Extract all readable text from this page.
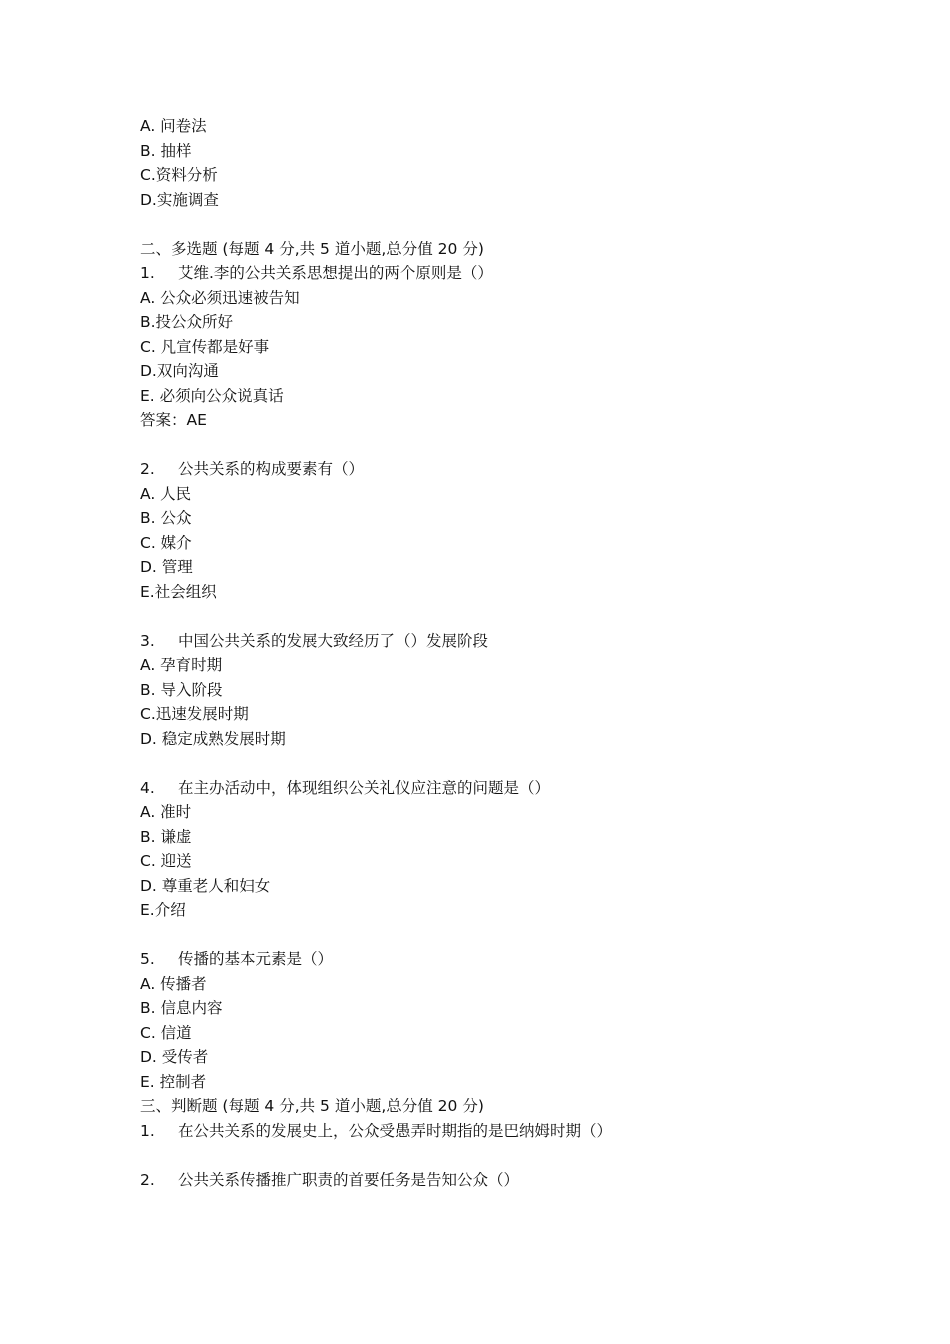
A. 问卷法
B. 抽样
C.资料分析
D.实施调查
二、多选题 (每题 4 分,共 5 道小题,总分值 20 分)
1. 艾维.李的公共关系思想提出的两个原则是（）
A. 公众必须迅速被告知
B.投公众所好
C. 凡宣传都是好事
D.双向沟通
E. 必须向公众说真话
答案：AE
2. 公共关系的构成要素有（）
A. 人民
B. 公众
C. 媒介
D. 管理
E.社会组织
3. 中国公共关系的发展大致经历了（）发展阶段
A. 孕育时期
B. 导入阶段
C.迅速发展时期
D. 稳定成熟发展时期
4. 在主办活动中，体现组织公关礼仪应注意的问题是（）
A. 准时
B. 谦虚
C. 迎送
D. 尊重老人和妇女
E.介绍
5. 传播的基本元素是（）
A. 传播者
B. 信息内容
C. 信道
D. 受传者
E. 控制者
三、判断题 (每题 4 分,共 5 道小题,总分值 20 分)
1. 在公共关系的发展史上，公众受愚弄时期指的是巴纳姆时期（）
2. 公共关系传播推广职责的首要任务是告知公众（）
